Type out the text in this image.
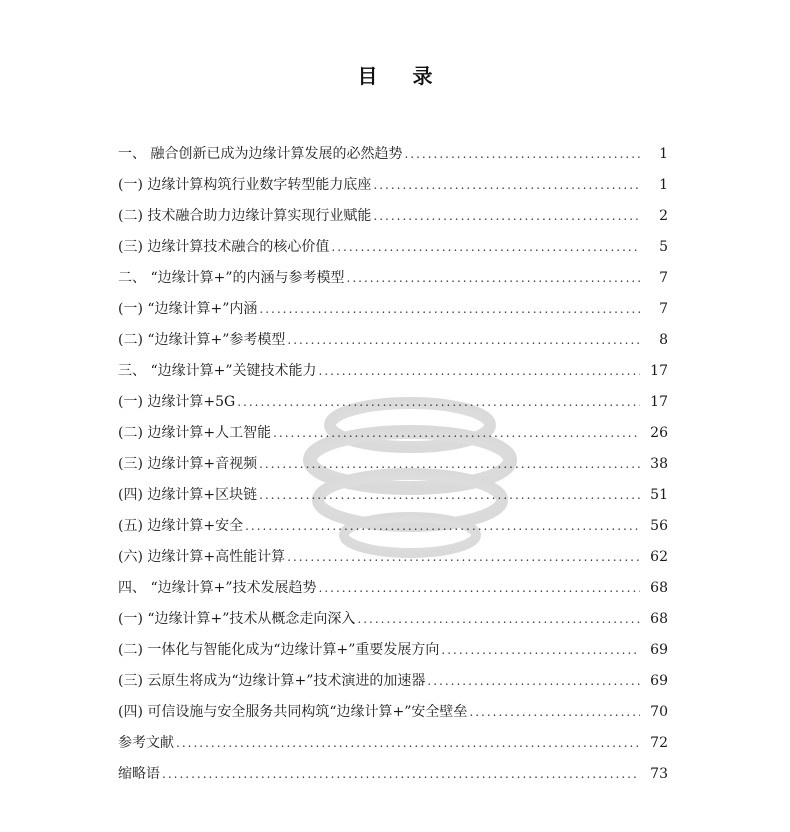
目 录
一、 融合创新已成为边缘计算发展的必然趋势 .....	1
(一) 边缘计算构筑行业数字转型能力底座 .....	1
(二) 技术融合助力边缘计算实现行业赋能 .....	2
(三) 边缘计算技术融合的核心价值 .....	5
二、 “边缘计算+”的内涵与参考模型 .....	7
(一) “边缘计算+”内涵 .....	7
(二) “边缘计算+”参考模型 .....	8
三、 “边缘计算+”关键技术能力 .....	17
(一) 边缘计算+5G .....	17
(二) 边缘计算+人工智能 .....	26
(三) 边缘计算+音视频 .....	38
(四) 边缘计算+区块链 .....	51
(五) 边缘计算+安全 .....	56
(六) 边缘计算+高性能计算 .....	62
四、 “边缘计算+”技术发展趋势 .....	68
(一) “边缘计算+”技术从概念走向深入 .....	68
(二) 一体化与智能化成为“边缘计算+”重要发展方向 .....	69
(三) 云原生将成为“边缘计算+”技术演进的加速器 .....	69
(四) 可信设施与安全服务共同构筑“边缘计算+”安全壁垒 .....	70
参考文献 .....	72
缩略语 .....	73
